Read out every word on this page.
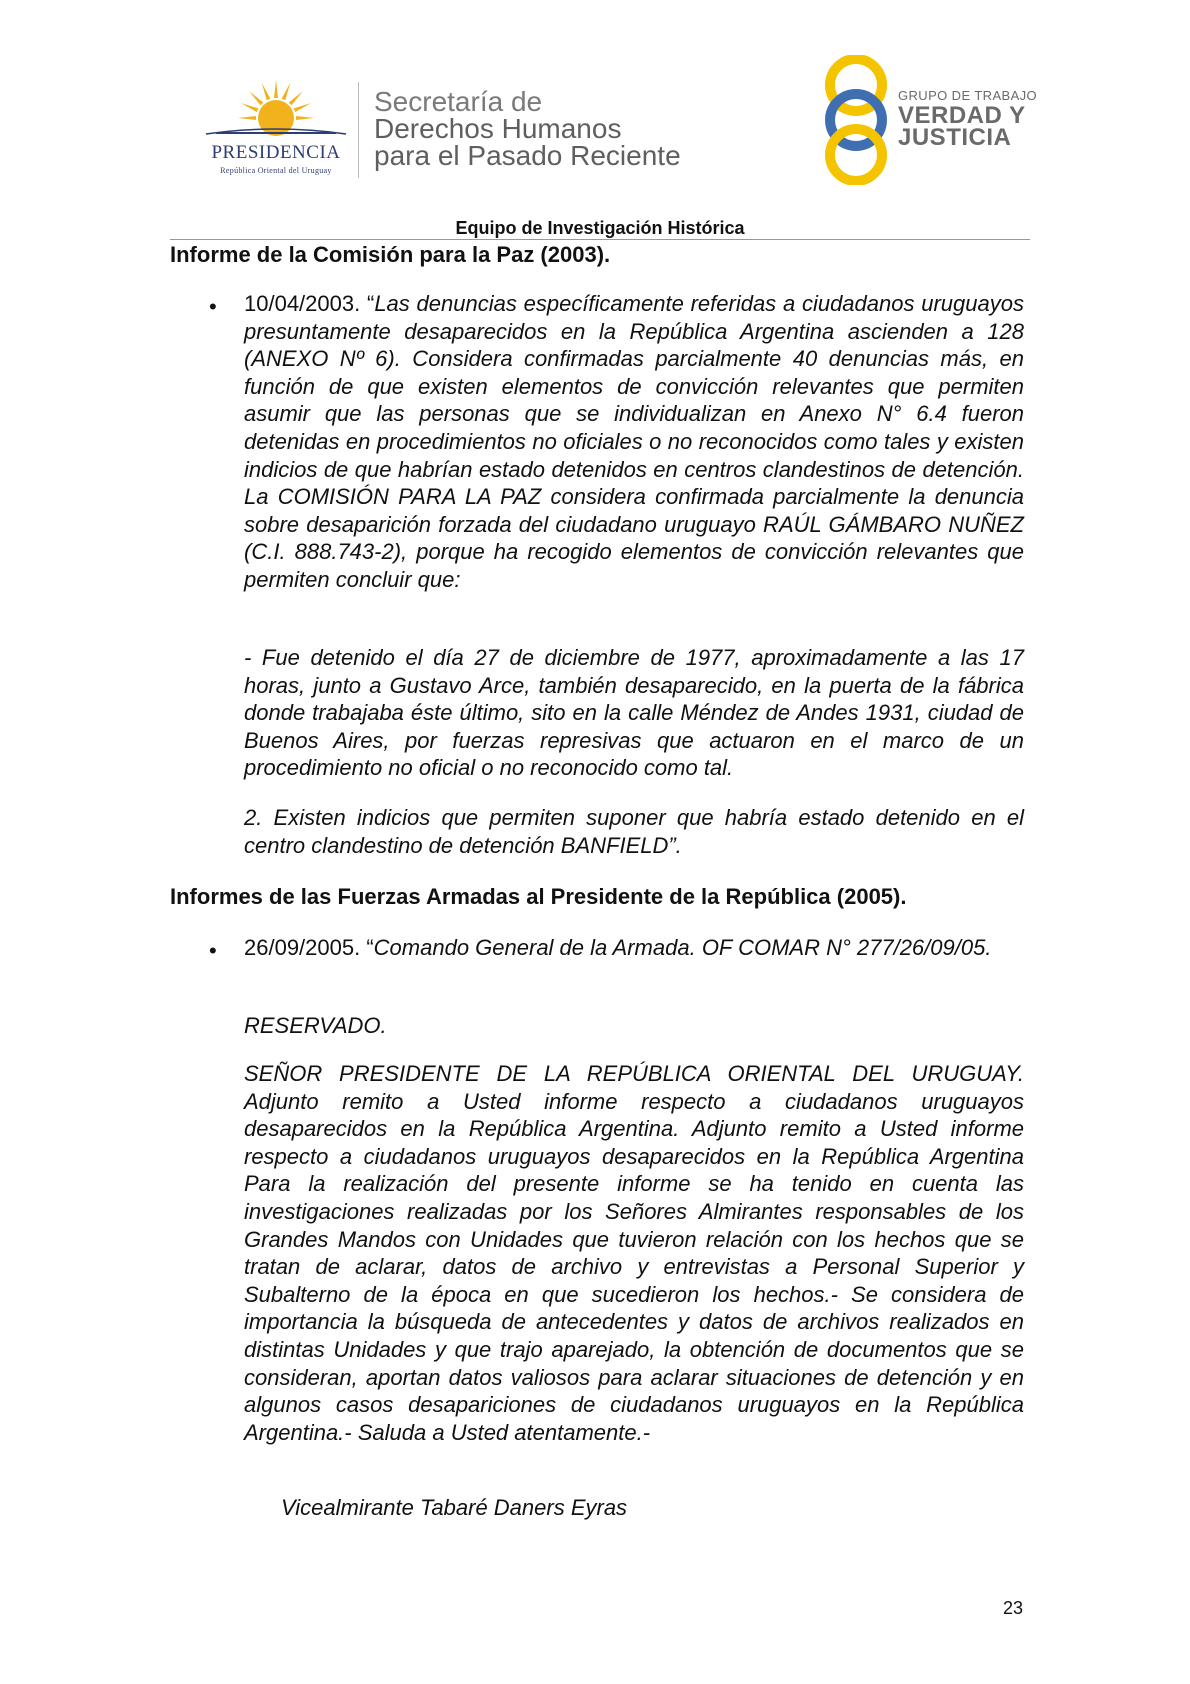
PRESIDENCIA
República Oriental del Uruguay
Secretaría de
Derechos Humanos
para el Pasado Reciente
GRUPO DE TRABAJO
VERDAD Y
JUSTICIA
Equipo de Investigación Histórica
Informe de la Comisión para la Paz (2003).
• 10/04/2003. “Las denuncias específicamente referidas a ciudadanos uruguayos presuntamente desaparecidos en la República Argentina ascienden a 128 (ANEXO Nº 6). Considera confirmadas parcialmente 40 denuncias más, en función de que existen elementos de convicción relevantes que permiten asumir que las personas que se individualizan en Anexo N° 6.4 fueron detenidas en procedimientos no oficiales o no reconocidos como tales y existen indicios de que habrían estado detenidos en centros clandestinos de detención. La COMISIÓN PARA LA PAZ considera confirmada parcialmente la denuncia sobre desaparición forzada del ciudadano uruguayo RAÚL GÁMBARO NUÑEZ (C.I. 888.743-2), porque ha recogido elementos de convicción relevantes que permiten concluir que:
- Fue detenido el día 27 de diciembre de 1977, aproximadamente a las 17 horas, junto a Gustavo Arce, también desaparecido, en la puerta de la fábrica donde trabajaba éste último, sito en la calle Méndez de Andes 1931, ciudad de Buenos Aires, por fuerzas represivas que actuaron en el marco de un procedimiento no oficial o no reconocido como tal.
2. Existen indicios que permiten suponer que habría estado detenido en el centro clandestino de detención BANFIELD”.
Informes de las Fuerzas Armadas al Presidente de la República (2005).
• 26/09/2005. “Comando General de la Armada. OF COMAR N° 277/26/09/05.
RESERVADO.
SEÑOR PRESIDENTE DE LA REPÚBLICA ORIENTAL DEL URUGUAY. Adjunto remito a Usted informe respecto a ciudadanos uruguayos desaparecidos en la República Argentina. Adjunto remito a Usted informe respecto a ciudadanos uruguayos desaparecidos en la República Argentina Para la realización del presente informe se ha tenido en cuenta las investigaciones realizadas por los Señores Almirantes responsables de los Grandes Mandos con Unidades que tuvieron relación con los hechos que se tratan de aclarar, datos de archivo y entrevistas a Personal Superior y Subalterno de la época en que sucedieron los hechos.- Se considera de importancia la búsqueda de antecedentes y datos de archivos realizados en distintas Unidades y que trajo aparejado, la obtención de documentos que se consideran, aportan datos valiosos para aclarar situaciones de detención y en algunos casos desapariciones de ciudadanos uruguayos en la República Argentina.- Saluda a Usted atentamente.-
Vicealmirante Tabaré Daners Eyras
23
